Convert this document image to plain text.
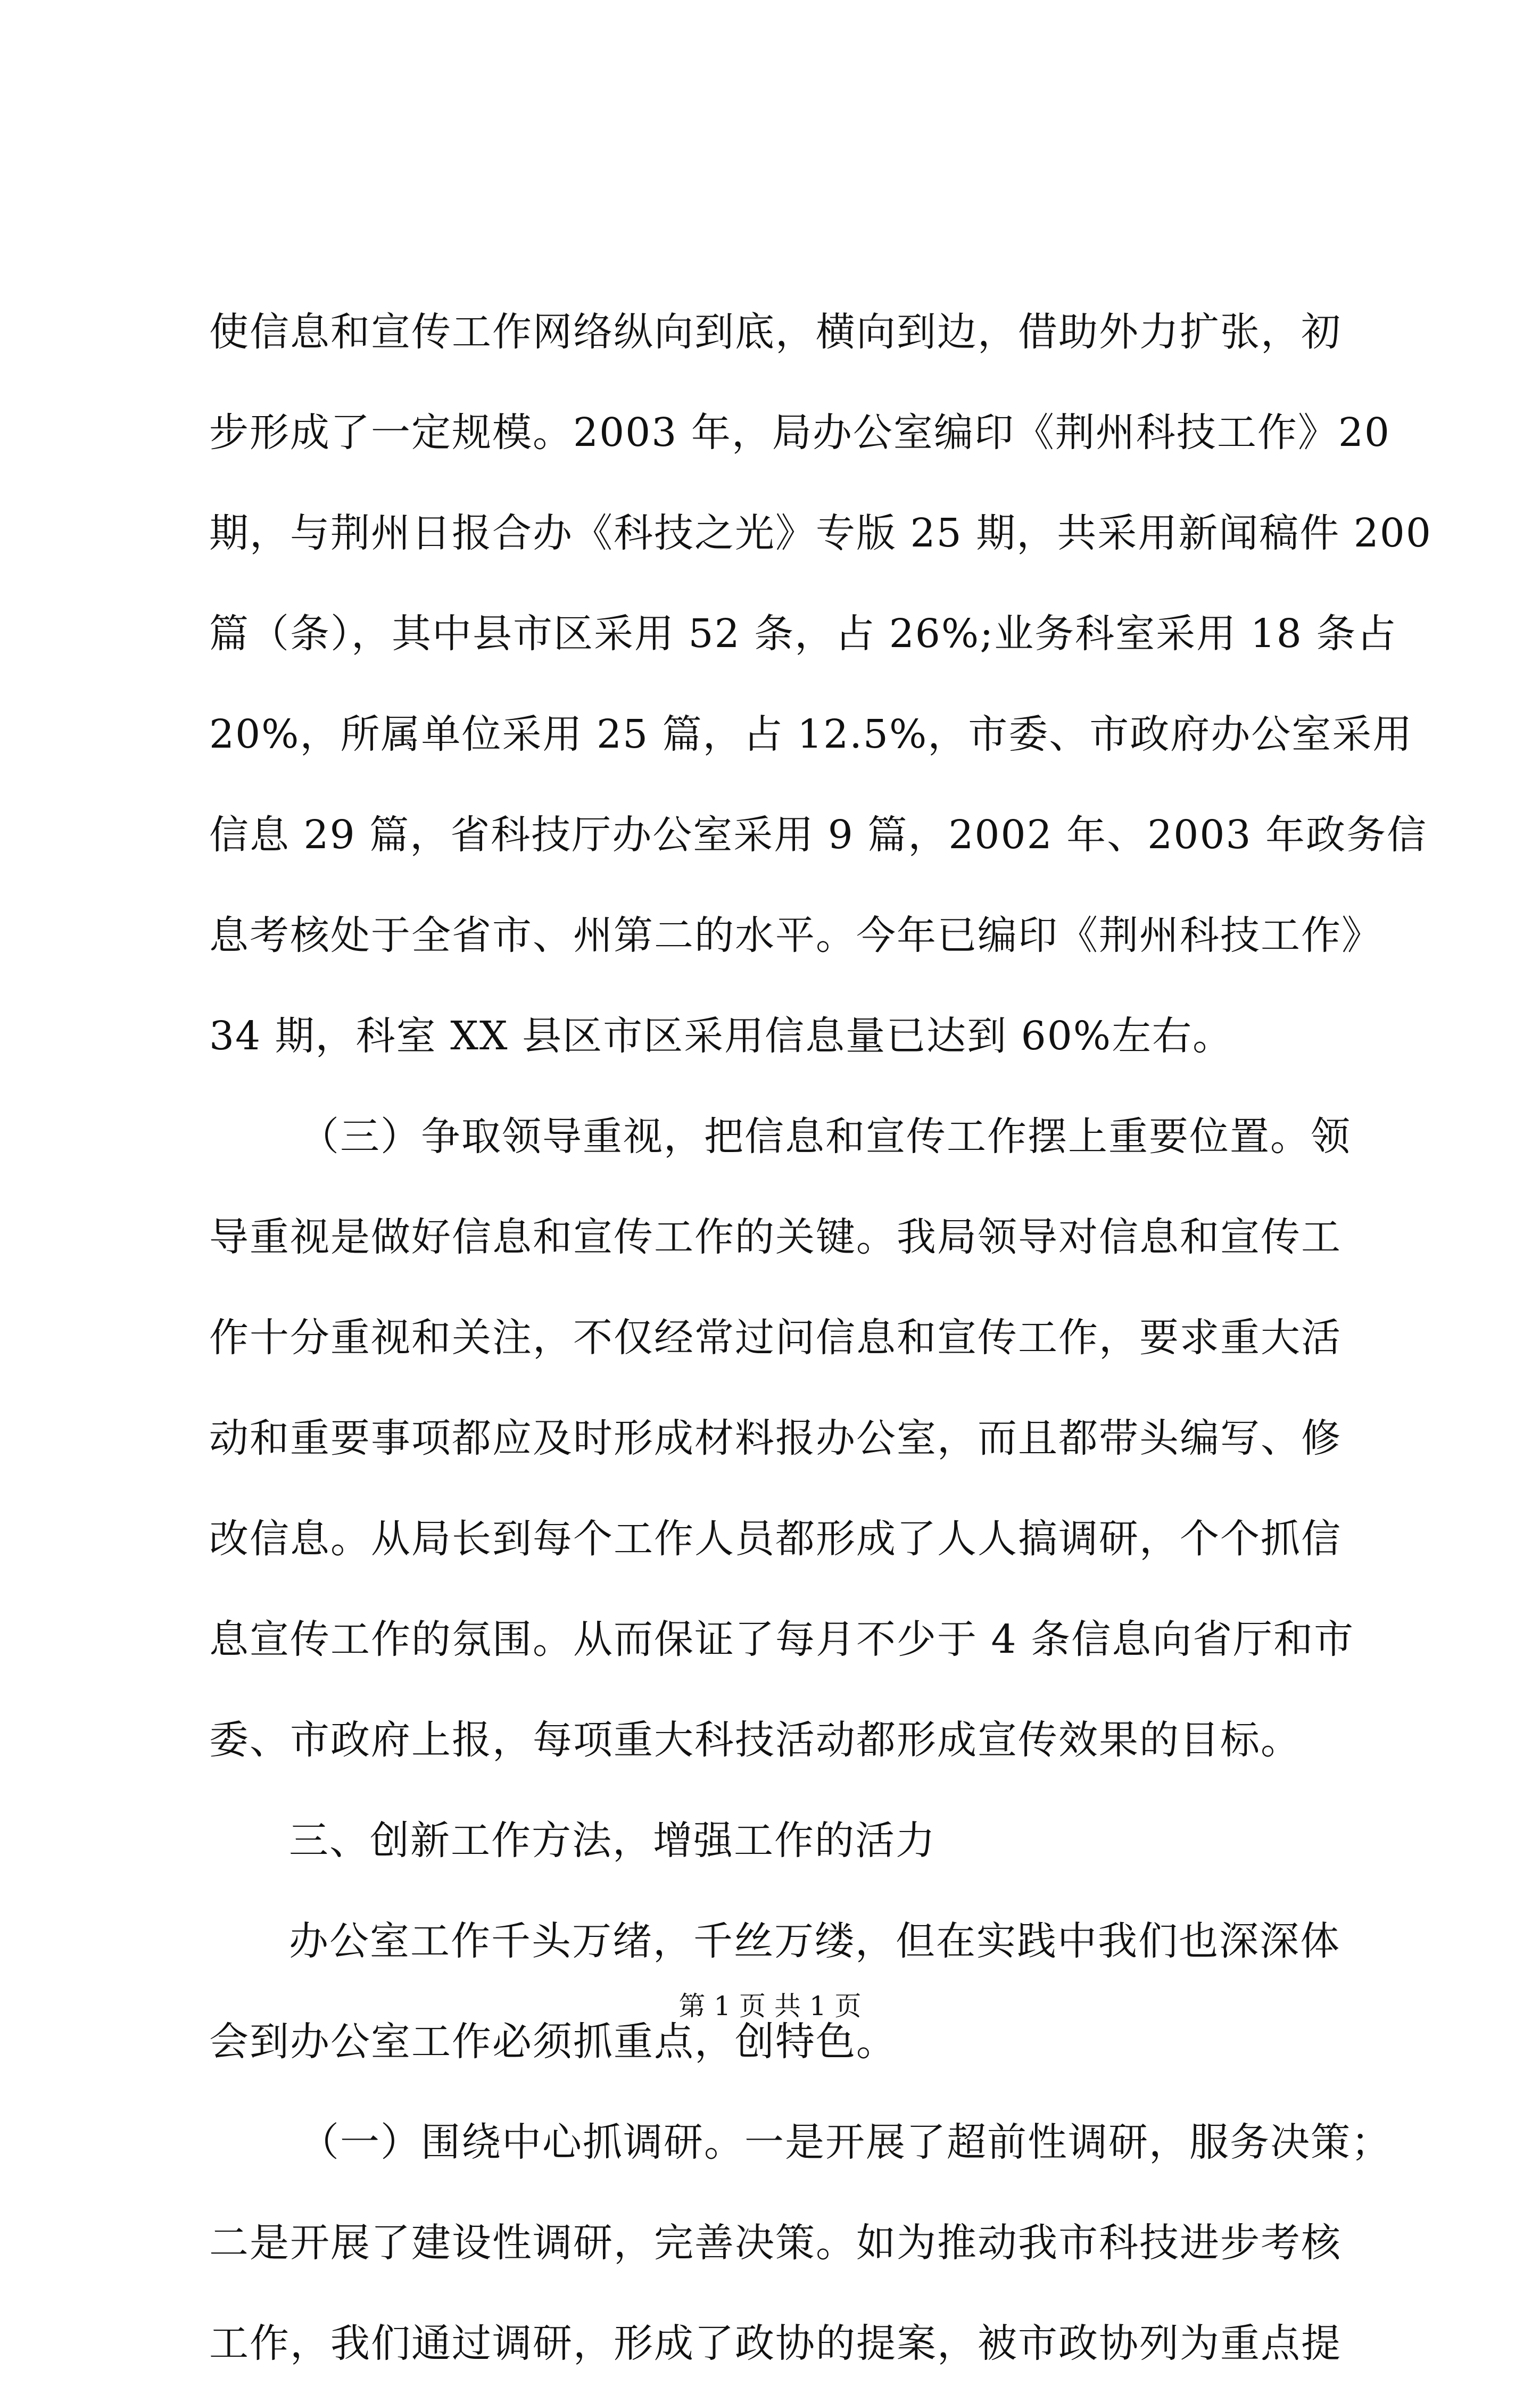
使信息和宣传工作网络纵向到底，横向到边，借助外力扩张，初
步形成了一定规模。2003 年，局办公室编印《荆州科技工作》20
期，与荆州日报合办《科技之光》专版 25 期，共采用新闻稿件 200
篇（条），其中县市区采用 52 条，占 26%;业务科室采用 18 条占
20%，所属单位采用 25 篇，占 12.5%，市委、市政府办公室采用
信息 29 篇，省科技厅办公室采用 9 篇，2002 年、2003 年政务信
息考核处于全省市、州第二的水平。今年已编印《荆州科技工作》
34 期，科室 XX 县区市区采用信息量已达到 60%左右。
（三）争取领导重视，把信息和宣传工作摆上重要位置。领
导重视是做好信息和宣传工作的关键。我局领导对信息和宣传工
作十分重视和关注，不仅经常过问信息和宣传工作，要求重大活
动和重要事项都应及时形成材料报办公室，而且都带头编写、修
改信息。从局长到每个工作人员都形成了人人搞调研，个个抓信
息宣传工作的氛围。从而保证了每月不少于 4 条信息向省厅和市
委、市政府上报，每项重大科技活动都形成宣传效果的目标。
三、创新工作方法，增强工作的活力
办公室工作千头万绪，千丝万缕，但在实践中我们也深深体
会到办公室工作必须抓重点，创特色。
（一）围绕中心抓调研。一是开展了超前性调研，服务决策；
二是开展了建设性调研，完善决策。如为推动我市科技进步考核
工作，我们通过调研，形成了政协的提案，被市政协列为重点提
第 1 页 共 1 页
